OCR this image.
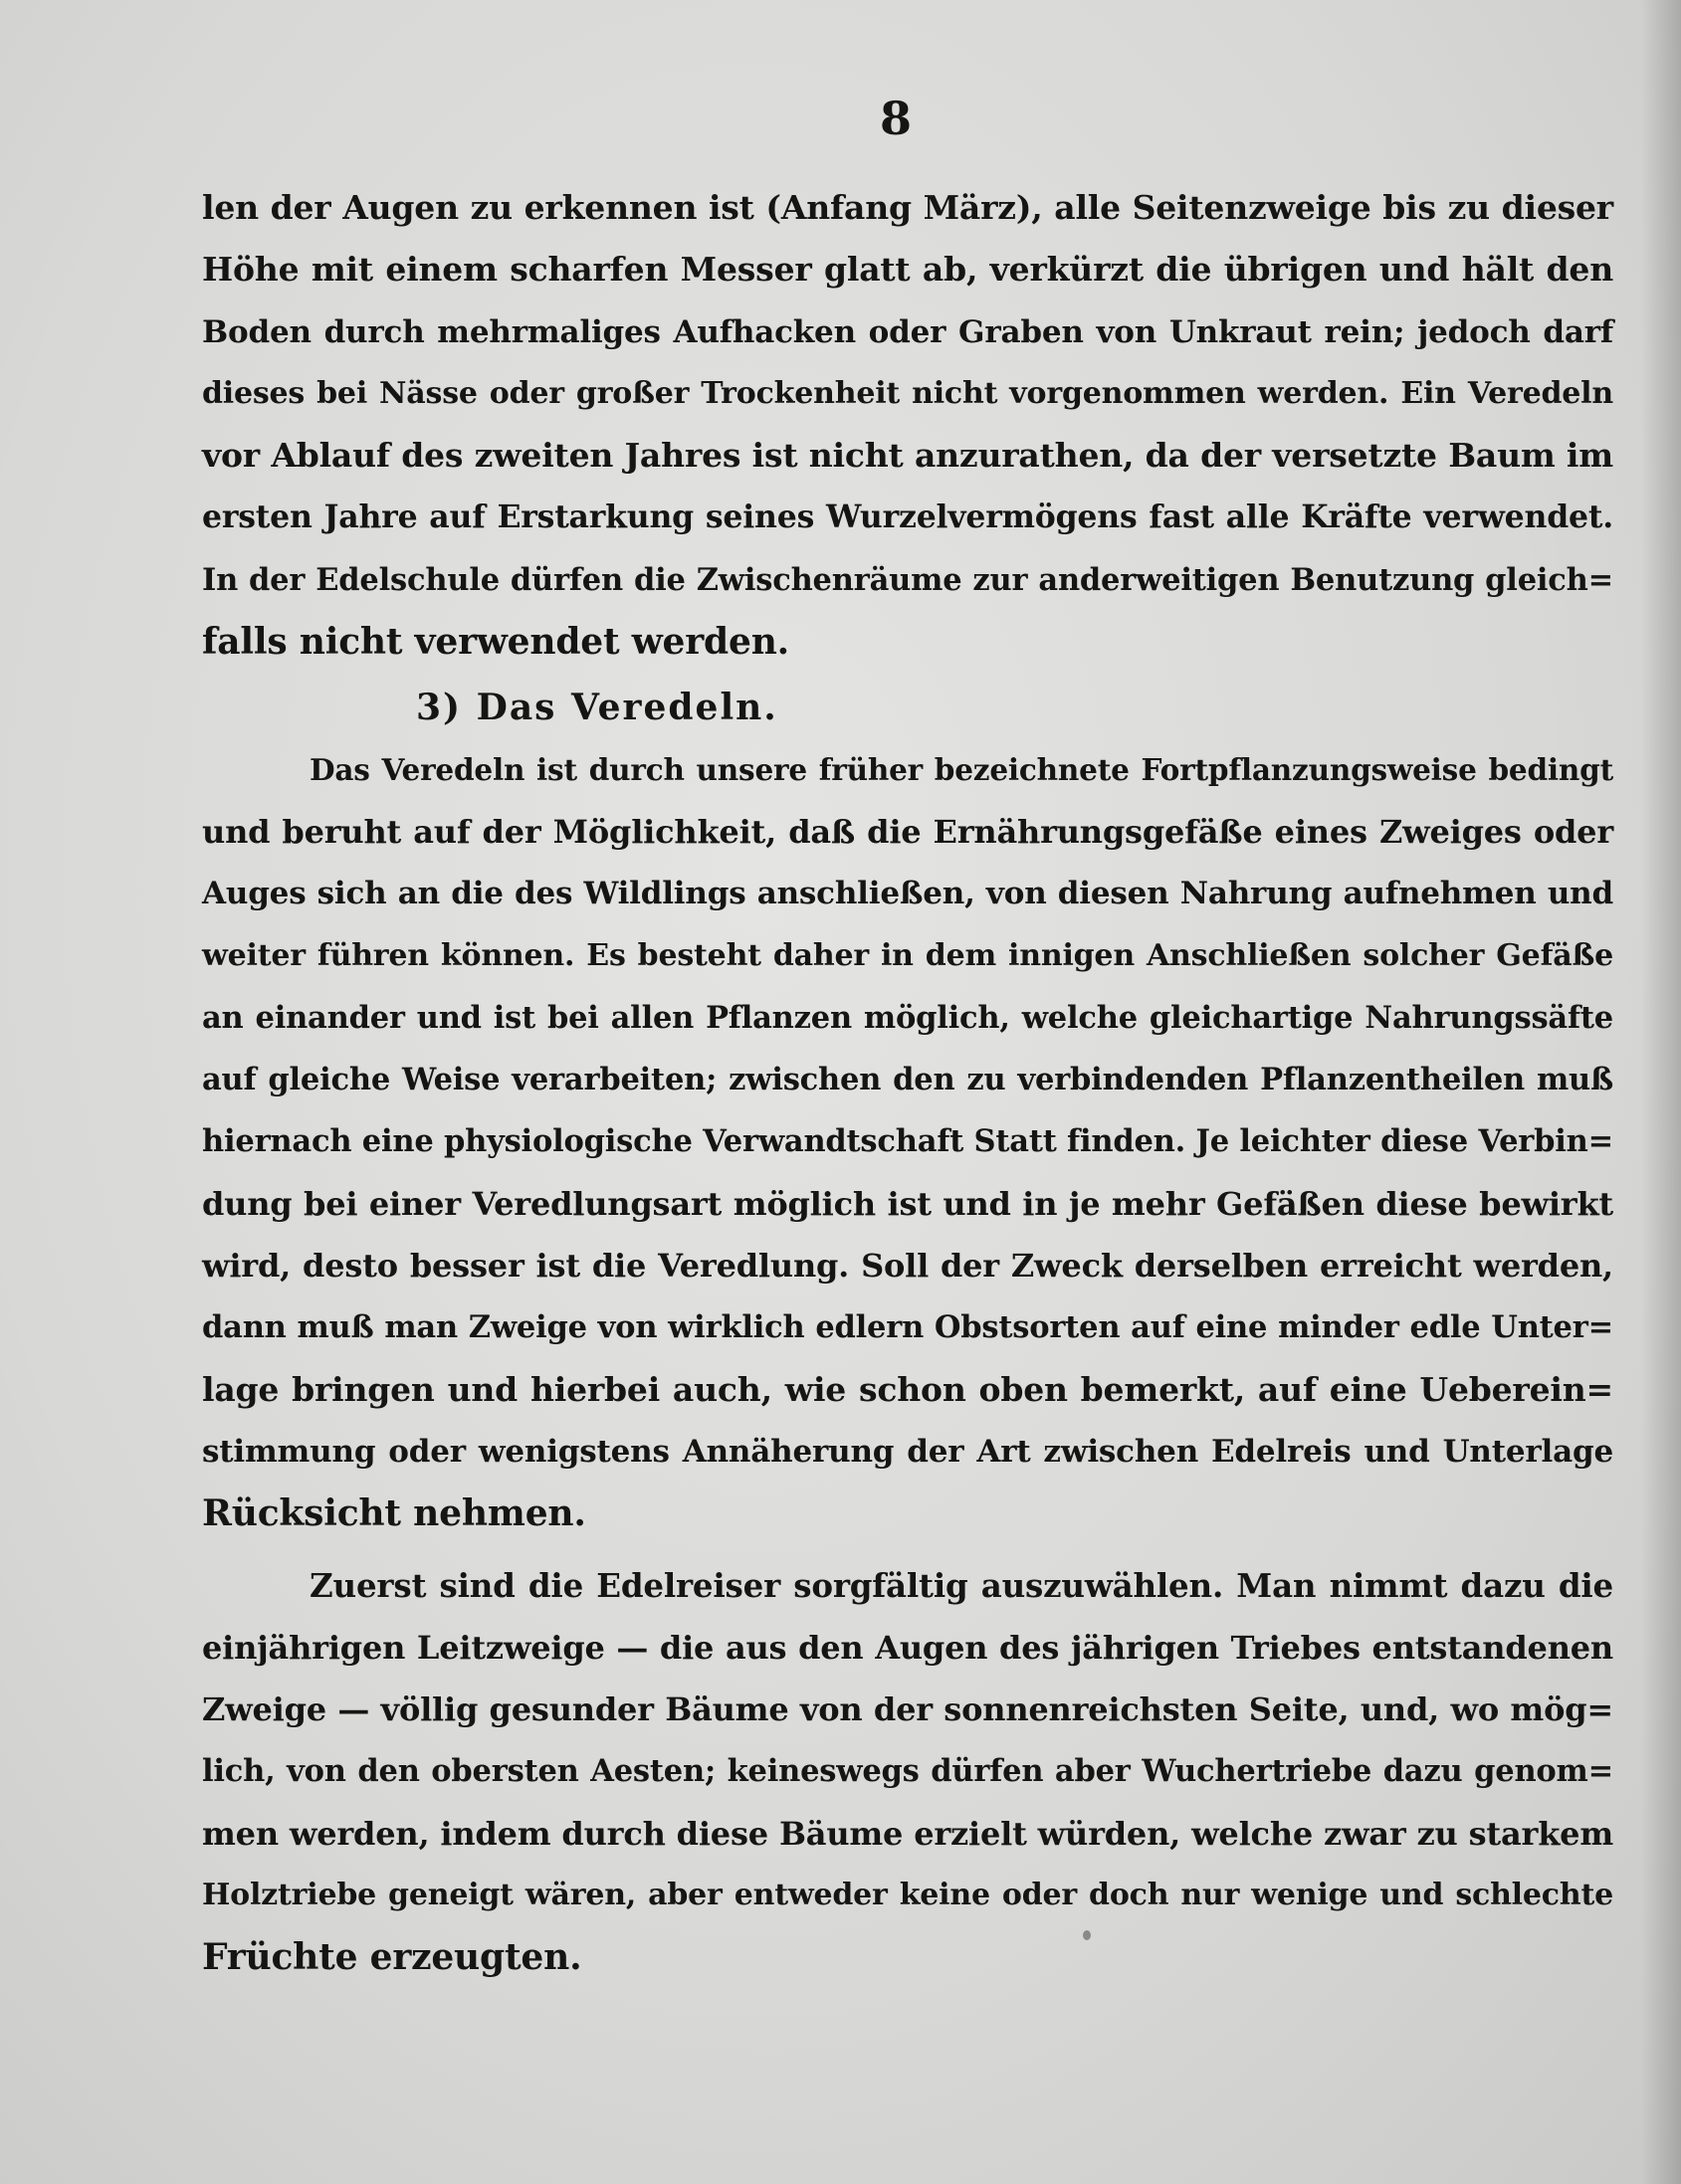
8
len der Augen zu erkennen ist (Anfang März), alle Seitenzweige bis zu dieser
Höhe mit einem scharfen Messer glatt ab, verkürzt die übrigen und hält den
Boden durch mehrmaliges Aufhacken oder Graben von Unkraut rein; jedoch darf
dieses bei Nässe oder großer Trockenheit nicht vorgenommen werden. Ein Veredeln
vor Ablauf des zweiten Jahres ist nicht anzurathen, da der versetzte Baum im
ersten Jahre auf Erstarkung seines Wurzelvermögens fast alle Kräfte verwendet.
In der Edelschule dürfen die Zwischenräume zur anderweitigen Benutzung gleich=
falls nicht verwendet werden.
3) Das Veredeln.
Das Veredeln ist durch unsere früher bezeichnete Fortpflanzungsweise bedingt
und beruht auf der Möglichkeit, daß die Ernährungsgefäße eines Zweiges oder
Auges sich an die des Wildlings anschließen, von diesen Nahrung aufnehmen und
weiter führen können. Es besteht daher in dem innigen Anschließen solcher Gefäße
an einander und ist bei allen Pflanzen möglich, welche gleichartige Nahrungssäfte
auf gleiche Weise verarbeiten; zwischen den zu verbindenden Pflanzentheilen muß
hiernach eine physiologische Verwandtschaft Statt finden. Je leichter diese Verbin=
dung bei einer Veredlungsart möglich ist und in je mehr Gefäßen diese bewirkt
wird, desto besser ist die Veredlung. Soll der Zweck derselben erreicht werden,
dann muß man Zweige von wirklich edlern Obstsorten auf eine minder edle Unter=
lage bringen und hierbei auch, wie schon oben bemerkt, auf eine Ueberein=
stimmung oder wenigstens Annäherung der Art zwischen Edelreis und Unterlage
Rücksicht nehmen.
Zuerst sind die Edelreiser sorgfältig auszuwählen. Man nimmt dazu die
einjährigen Leitzweige — die aus den Augen des jährigen Triebes entstandenen
Zweige — völlig gesunder Bäume von der sonnenreichsten Seite, und, wo mög=
lich, von den obersten Aesten; keineswegs dürfen aber Wuchertriebe dazu genom=
men werden, indem durch diese Bäume erzielt würden, welche zwar zu starkem
Holztriebe geneigt wären, aber entweder keine oder doch nur wenige und schlechte
Früchte erzeugten.
